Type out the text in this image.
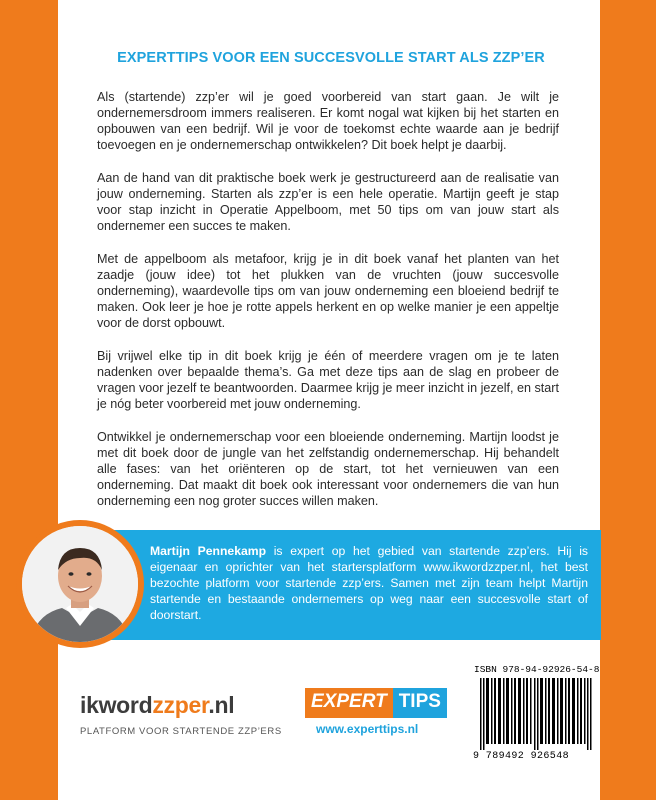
EXPERTTIPS VOOR EEN SUCCESVOLLE START ALS ZZP’ER

Als (startende) zzp’er wil je goed voorbereid van start gaan. Je wilt je ondernemersdroom immers realiseren. Er komt nogal wat kijken bij het starten en opbouwen van een bedrijf. Wil je voor de toekomst echte waarde aan je bedrijf toevoegen en je ondernemerschap ontwikkelen? Dit boek helpt je daarbij.

Aan de hand van dit praktische boek werk je gestructureerd aan de realisatie van jouw onderneming. Starten als zzp’er is een hele operatie. Martijn geeft je stap voor stap inzicht in Operatie Appelboom, met 50 tips om van jouw start als ondernemer een succes te maken.

Met de appelboom als metafoor, krijg je in dit boek vanaf het planten van het zaadje (jouw idee) tot het plukken van de vruchten (jouw succesvolle onderneming), waardevolle tips om van jouw onderneming een bloeiend bedrijf te maken. Ook leer je hoe je rotte appels herkent en op welke manier je een appeltje voor de dorst opbouwt.

Bij vrijwel elke tip in dit boek krijg je één of meerdere vragen om je te laten nadenken over bepaalde thema’s. Ga met deze tips aan de slag en probeer de vragen voor jezelf te beantwoorden. Daarmee krijg je meer inzicht in jezelf, en start je nóg beter voorbereid met jouw onderneming.

Ontwikkel je ondernemerschap voor een bloeiende onderneming. Martijn loodst je met dit boek door de jungle van het zelfstandig ondernemerschap. Hij behandelt alle fases: van het oriënteren op de start, tot het vernieuwen van een onderneming. Dat maakt dit boek ook interessant voor ondernemers die van hun onderneming een nog groter succes willen maken.

Martijn Pennekamp is expert op het gebied van startende zzp’ers. Hij is eigenaar en oprichter van het startersplatform www.ikwordzzper.nl, het best bezochte platform voor startende zzp’ers. Samen met zijn team helpt Martijn startende en bestaande ondernemers op weg naar een succesvolle start of doorstart.
ikwordzzper.nl
PLATFORM VOOR STARTENDE ZZP’ERS
EXPERT TIPS
www.experttips.nl
ISBN 978-94-92926-54-8
9 789492 926548
